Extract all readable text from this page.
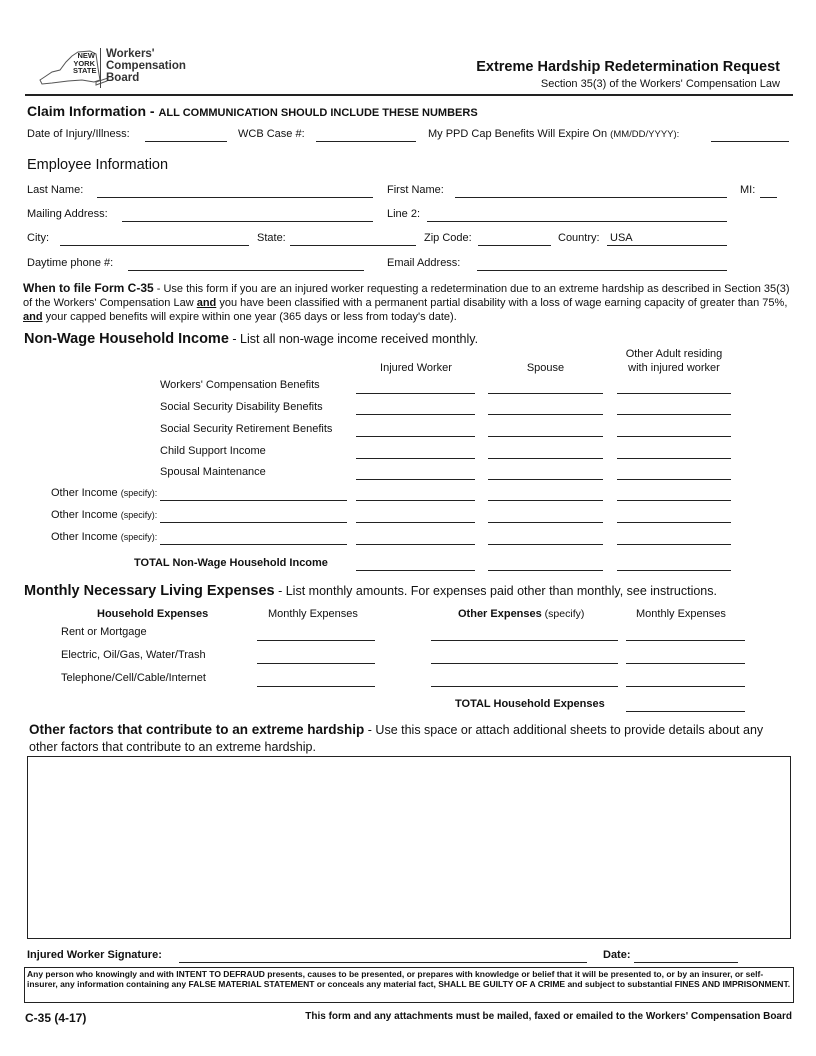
NEW
YORK
STATE
Workers'
Compensation
Board
Extreme Hardship Redetermination Request
Section 35(3) of the Workers' Compensation Law
Claim Information - ALL COMMUNICATION SHOULD INCLUDE THESE NUMBERS
Date of Injury/Illness:	WCB Case #:	My PPD Cap Benefits Will Expire On (MM/DD/YYYY):
Employee Information
Last Name:	First Name:	MI:
Mailing Address:	Line 2:
City:	State:	Zip Code:	Country: USA
Daytime phone #:	Email Address:
When to file Form C-35 - Use this form if you are an injured worker requesting a redetermination due to an extreme hardship as described in Section 35(3) of the Workers' Compensation Law and you have been classified with a permanent partial disability with a loss of wage earning capacity of greater than 75%, and your capped benefits will expire within one year (365 days or less from today's date).
Non-Wage Household Income - List all non-wage income received monthly.
Injured Worker	Spouse
Other Adult residing
with injured worker
Workers' Compensation Benefits
Social Security Disability Benefits
Social Security Retirement Benefits
Child Support Income
Spousal Maintenance
Other Income (specify):
Other Income (specify):
Other Income (specify):
TOTAL Non-Wage Household Income
Monthly Necessary Living Expenses - List monthly amounts. For expenses paid other than monthly, see instructions.
Household Expenses	Monthly Expenses	Other Expenses (specify)	Monthly Expenses
Rent or Mortgage
Electric, Oil/Gas, Water/Trash
Telephone/Cell/Cable/Internet
TOTAL Household Expenses
Other factors that contribute to an extreme hardship - Use this space or attach additional sheets to provide details about any other factors that contribute to an extreme hardship.
Injured Worker Signature:	Date:
Any person who knowingly and with INTENT TO DEFRAUD presents, causes to be presented, or prepares with knowledge or belief that it will be presented to, or by an insurer, or self-insurer, any information containing any FALSE MATERIAL STATEMENT or conceals any material fact, SHALL BE GUILTY OF A CRIME and subject to substantial FINES AND IMPRISONMENT.
C-35 (4-17)	This form and any attachments must be mailed, faxed or emailed to the Workers' Compensation Board
